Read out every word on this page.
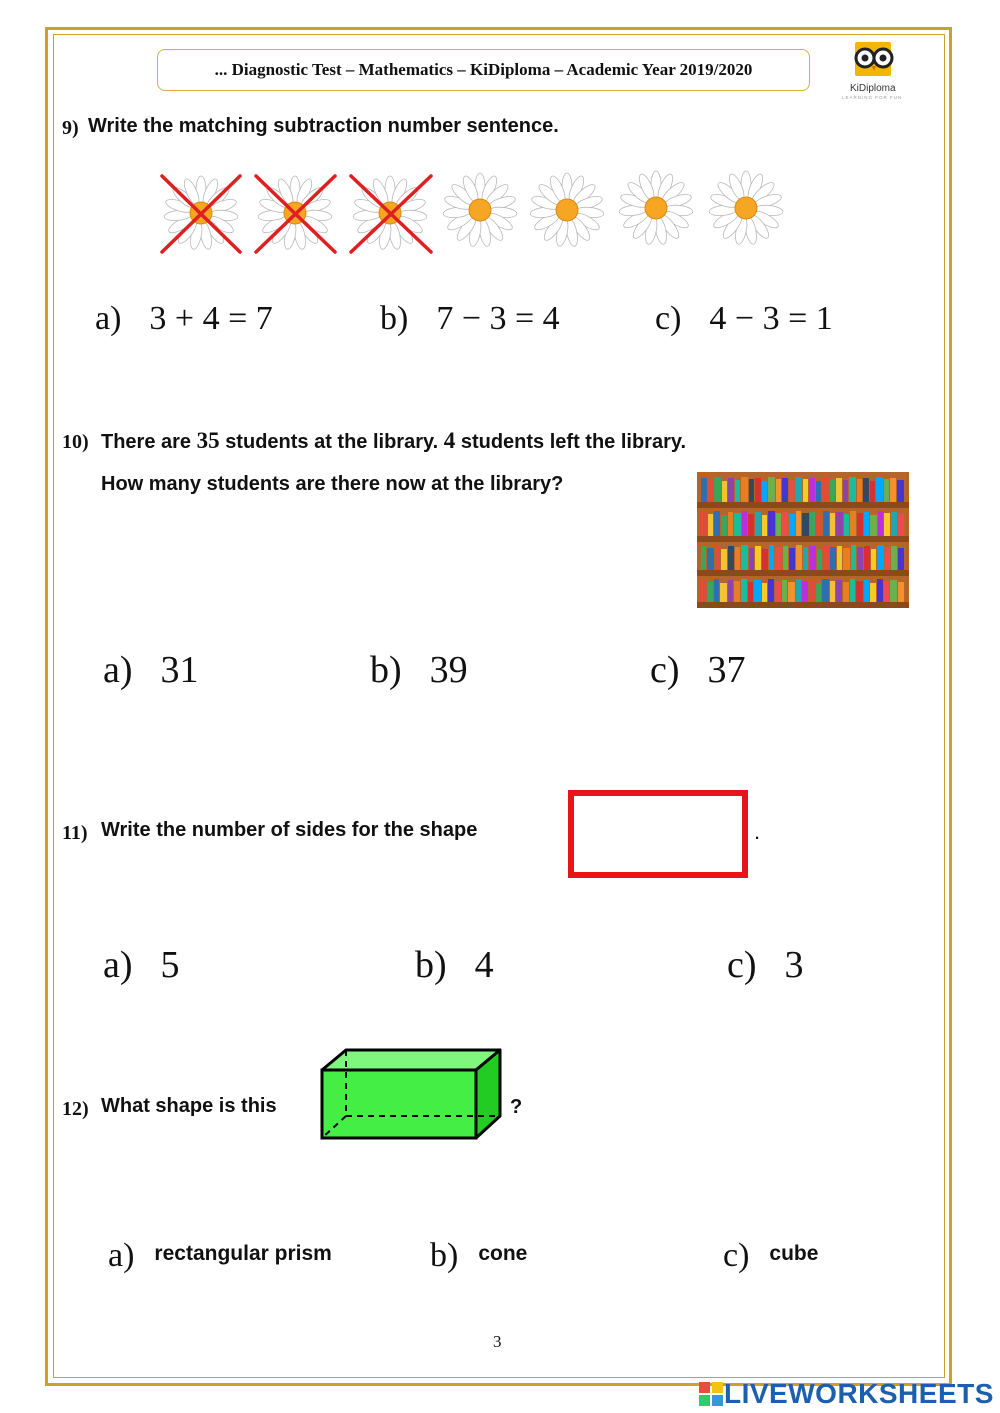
... Diagnostic Test – Mathematics – KiDiploma – Academic Year 2019/2020
KiDiploma
LEARNING FOR FUN
9) Write the matching subtraction number sentence.
a) 3 + 4 = 7	b) 7 − 3 = 4	c) 4 − 3 = 1
10) There are 35 students at the library. 4 students left the library.
How many students are there now at the library?
a) 31	b) 39	c) 37
11) Write the number of sides for the shape	.
a) 5	b) 4	c) 3
12) What shape is this	?
a) rectangular prism	b) cone	c) cube
3
LIVEWORKSHEETS
